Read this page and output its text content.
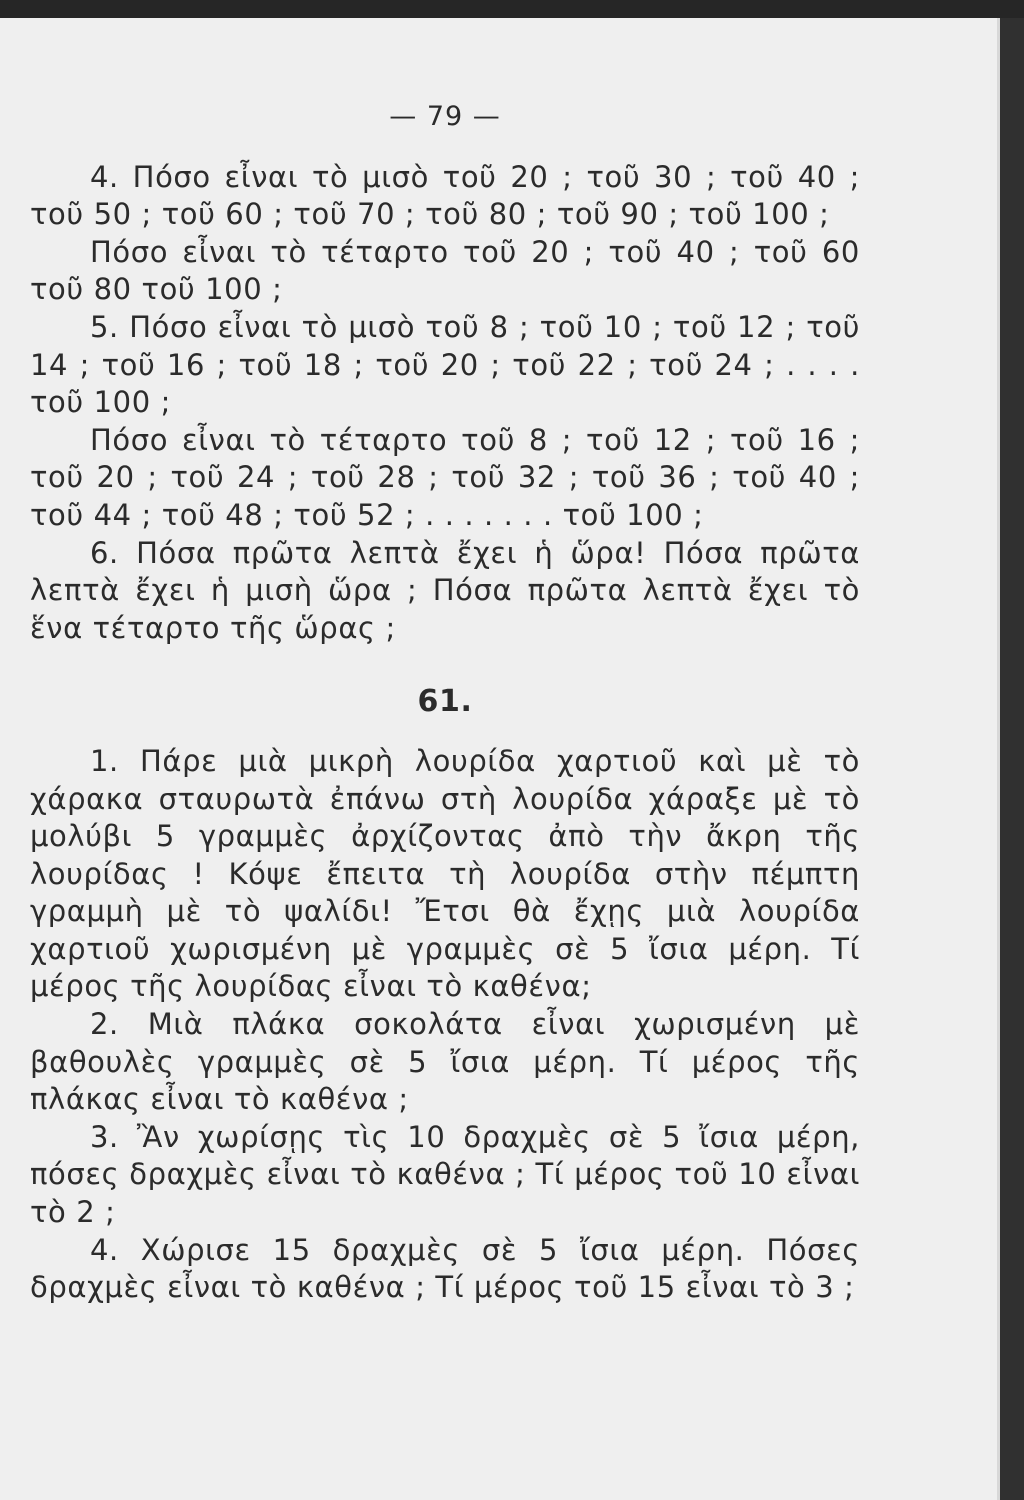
— 79 —

4. Πόσο εἶναι τὸ μισὸ τοῦ 20 ; τοῦ 30 ; τοῦ 40 ; τοῦ 50 ; τοῦ 60 ; τοῦ 70 ; τοῦ 80 ; τοῦ 90 ; τοῦ 100 ;

Πόσο εἶναι τὸ τέταρτο τοῦ 20 ; τοῦ 40 ; τοῦ 60 τοῦ 80 τοῦ 100 ;

5. Πόσο εἶναι τὸ μισὸ τοῦ 8 ; τοῦ 10 ; τοῦ 12 ; τοῦ 14 ; τοῦ 16 ; τοῦ 18 ; τοῦ 20 ; τοῦ 22 ; τοῦ 24 ; . . . . τοῦ 100 ;

Πόσο εἶναι τὸ τέταρτο τοῦ 8 ; τοῦ 12 ; τοῦ 16 ; τοῦ 20 ; τοῦ 24 ; τοῦ 28 ; τοῦ 32 ; τοῦ 36 ; τοῦ 40 ; τοῦ 44 ; τοῦ 48 ; τοῦ 52 ; . . . . . . . τοῦ 100 ;

6. Πόσα πρῶτα λεπτὰ ἔχει ἡ ὥρα! Πόσα πρῶτα λεπτὰ ἔχει ἡ μισὴ ὥρα ; Πόσα πρῶτα λεπτὰ ἔχει τὸ ἕνα τέταρτο τῆς ὥρας ;

61.

1. Πάρε μιὰ μικρὴ λουρίδα χαρτιοῦ καὶ μὲ τὸ χάρακα σταυρωτὰ ἐπάνω στὴ λουρίδα χάραξε μὲ τὸ μολύβι 5 γραμμὲς ἀρχίζοντας ἀπὸ τὴν ἄκρη τῆς λουρίδας ! Κόψε ἔπειτα τὴ λουρίδα στὴν πέμπτη γραμμὴ μὲ τὸ ψαλίδι! Ἔτσι θὰ ἔχῃς μιὰ λουρίδα χαρτιοῦ χωρισμένη μὲ γραμμὲς σὲ 5 ἴσια μέρη. Τί μέρος τῆς λουρίδας εἶναι τὸ καθένα;

2. Μιὰ πλάκα σοκολάτα εἶναι χωρισμένη μὲ βαθουλὲς γραμμὲς σὲ 5 ἴσια μέρη. Τί μέρος τῆς πλάκας εἶναι τὸ καθένα ;

3. Ἂν χωρίσῃς τὶς 10 δραχμὲς σὲ 5 ἴσια μέρη, πόσες δραχμὲς εἶναι τὸ καθένα ; Τί μέρος τοῦ 10 εἶναι τὸ 2 ;

4. Χώρισε 15 δραχμὲς σὲ 5 ἴσια μέρη. Πόσες δραχμὲς εἶναι τὸ καθένα ; Τί μέρος τοῦ 15 εἶναι τὸ 3 ;
